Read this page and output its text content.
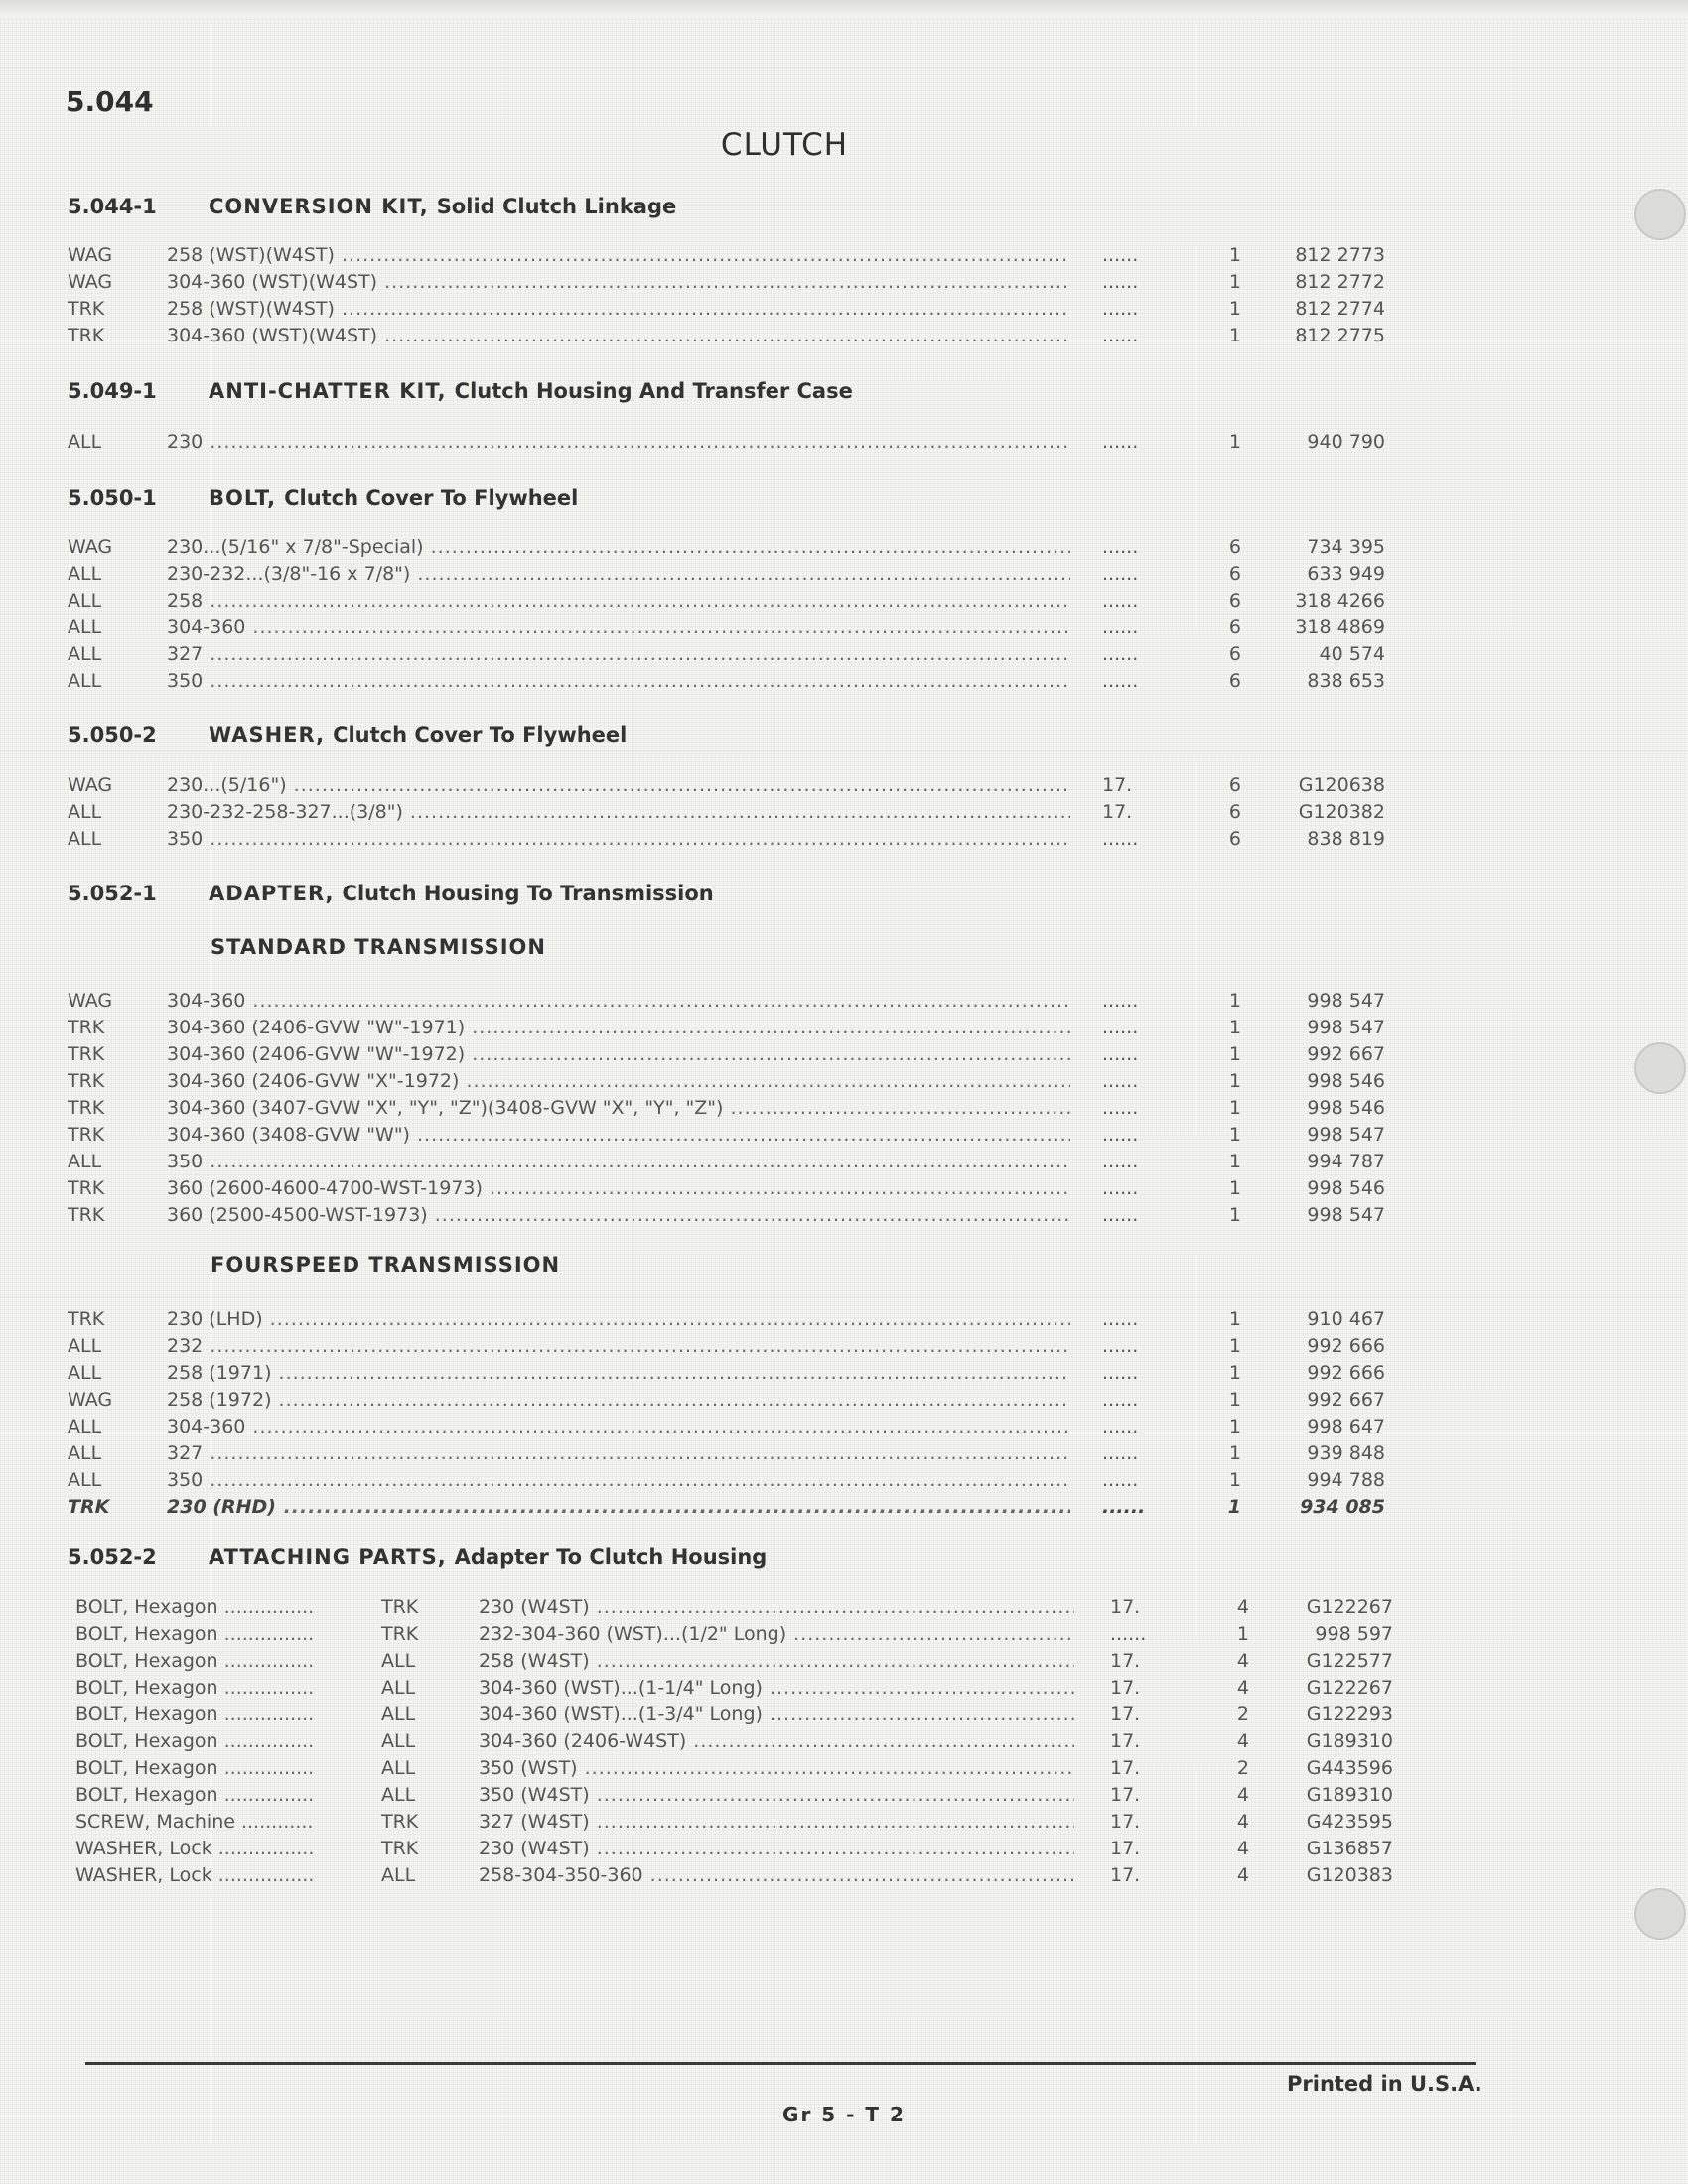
5.044
CLUTCH
5.044-1 CONVERSION KIT, Solid Clutch Linkage
WAG	258 (WST)(W4ST) .....	......	1	812 2773
WAG	304-360 (WST)(W4ST) .....	......	1	812 2772
TRK	258 (WST)(W4ST) .....	......	1	812 2774
TRK	304-360 (WST)(W4ST) .....	......	1	812 2775
5.049-1 ANTI-CHATTER KIT, Clutch Housing And Transfer Case
ALL	230 .....	......	1	940 790
5.050-1 BOLT, Clutch Cover To Flywheel
WAG	230...(5/16" x 7/8"-Special) .....	......	6	734 395
ALL	230-232...(3/8"-16 x 7/8") .....	......	6	633 949
ALL	258 .....	......	6	318 4266
ALL	304-360 .....	......	6	318 4869
ALL	327 .....	......	6	40 574
ALL	350 .....	......	6	838 653
5.050-2 WASHER, Clutch Cover To Flywheel
WAG	230...(5/16") .....	17.	6	G120638
ALL	230-232-258-327...(3/8") .....	17.	6	G120382
ALL	350 .....	......	6	838 819
5.052-1 ADAPTER, Clutch Housing To Transmission
STANDARD TRANSMISSION
WAG	304-360 .....	......	1	998 547
TRK	304-360 (2406-GVW "W"-1971) .....	......	1	998 547
TRK	304-360 (2406-GVW "W"-1972) .....	......	1	992 667
TRK	304-360 (2406-GVW "X"-1972) .....	......	1	998 546
TRK	304-360 (3407-GVW "X", "Y", "Z")(3408-GVW "X", "Y", "Z") .....	......	1	998 546
TRK	304-360 (3408-GVW "W") .....	......	1	998 547
ALL	350 .....	......	1	994 787
TRK	360 (2600-4600-4700-WST-1973) .....	......	1	998 546
TRK	360 (2500-4500-WST-1973) .....	......	1	998 547
FOURSPEED TRANSMISSION
TRK	230 (LHD) .....	......	1	910 467
ALL	232 .....	......	1	992 666
ALL	258 (1971) .....	......	1	992 666
WAG	258 (1972) .....	......	1	992 667
ALL	304-360 .....	......	1	998 647
ALL	327 .....	......	1	939 848
ALL	350 .....	......	1	994 788
TRK	230 (RHD) .....	......	1	934 085
5.052-2 ATTACHING PARTS, Adapter To Clutch Housing
BOLT, Hexagon .....	TRK	230 (W4ST) .....	17.	4	G122267
BOLT, Hexagon .....	TRK	232-304-360 (WST)...(1/2" Long) .....	......	1	998 597
BOLT, Hexagon .....	ALL	258 (W4ST) .....	17.	4	G122577
BOLT, Hexagon .....	ALL	304-360 (WST)...(1-1/4" Long) .....	17.	4	G122267
BOLT, Hexagon .....	ALL	304-360 (WST)...(1-3/4" Long) .....	17.	2	G122293
BOLT, Hexagon .....	ALL	304-360 (2406-W4ST) .....	17.	4	G189310
BOLT, Hexagon .....	ALL	350 (WST) .....	17.	2	G443596
BOLT, Hexagon .....	ALL	350 (W4ST) .....	17.	4	G189310
SCREW, Machine .....	TRK	327 (W4ST) .....	17.	4	G423595
WASHER, Lock .....	TRK	230 (W4ST) .....	17.	4	G136857
WASHER, Lock .....	ALL	258-304-350-360 .....	17.	4	G120383
Printed in U.S.A.
Gr 5 - T 2
